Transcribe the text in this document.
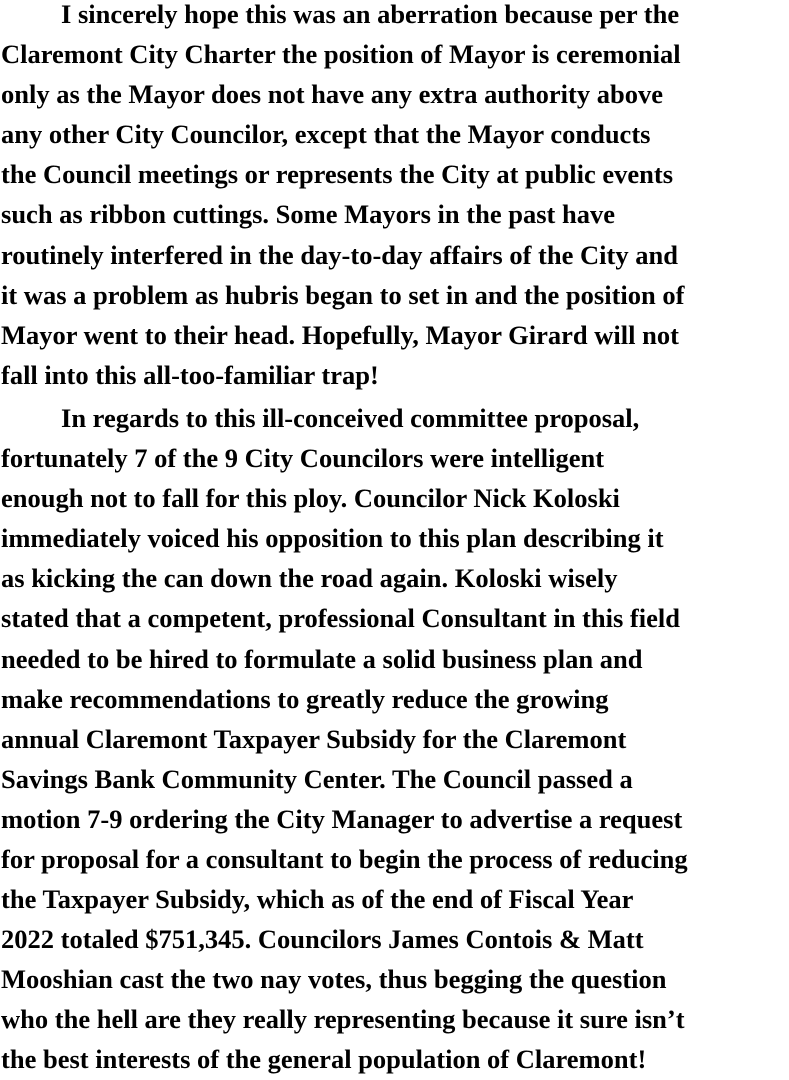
I sincerely hope this was an aberration because per the
Claremont City Charter the position of Mayor is ceremonial
only as the Mayor does not have any extra authority above
any other City Councilor, except that the Mayor conducts
the Council meetings or represents the City at public events
such as ribbon cuttings. Some Mayors in the past have
routinely interfered in the day-to-day affairs of the City and
it was a problem as hubris began to set in and the position of
Mayor went to their head. Hopefully, Mayor Girard will not
fall into this all-too-familiar trap!
In regards to this ill-conceived committee proposal,
fortunately 7 of the 9 City Councilors were intelligent
enough not to fall for this ploy. Councilor Nick Koloski
immediately voiced his opposition to this plan describing it
as kicking the can down the road again. Koloski wisely
stated that a competent, professional Consultant in this field
needed to be hired to formulate a solid business plan and
make recommendations to greatly reduce the growing
annual Claremont Taxpayer Subsidy for the Claremont
Savings Bank Community Center. The Council passed a
motion 7-9 ordering the City Manager to advertise a request
for proposal for a consultant to begin the process of reducing
the Taxpayer Subsidy, which as of the end of Fiscal Year
2022 totaled $751,345. Councilors James Contois & Matt
Mooshian cast the two nay votes, thus begging the question
who the hell are they really representing because it sure isn’t
the best interests of the general population of Claremont!
